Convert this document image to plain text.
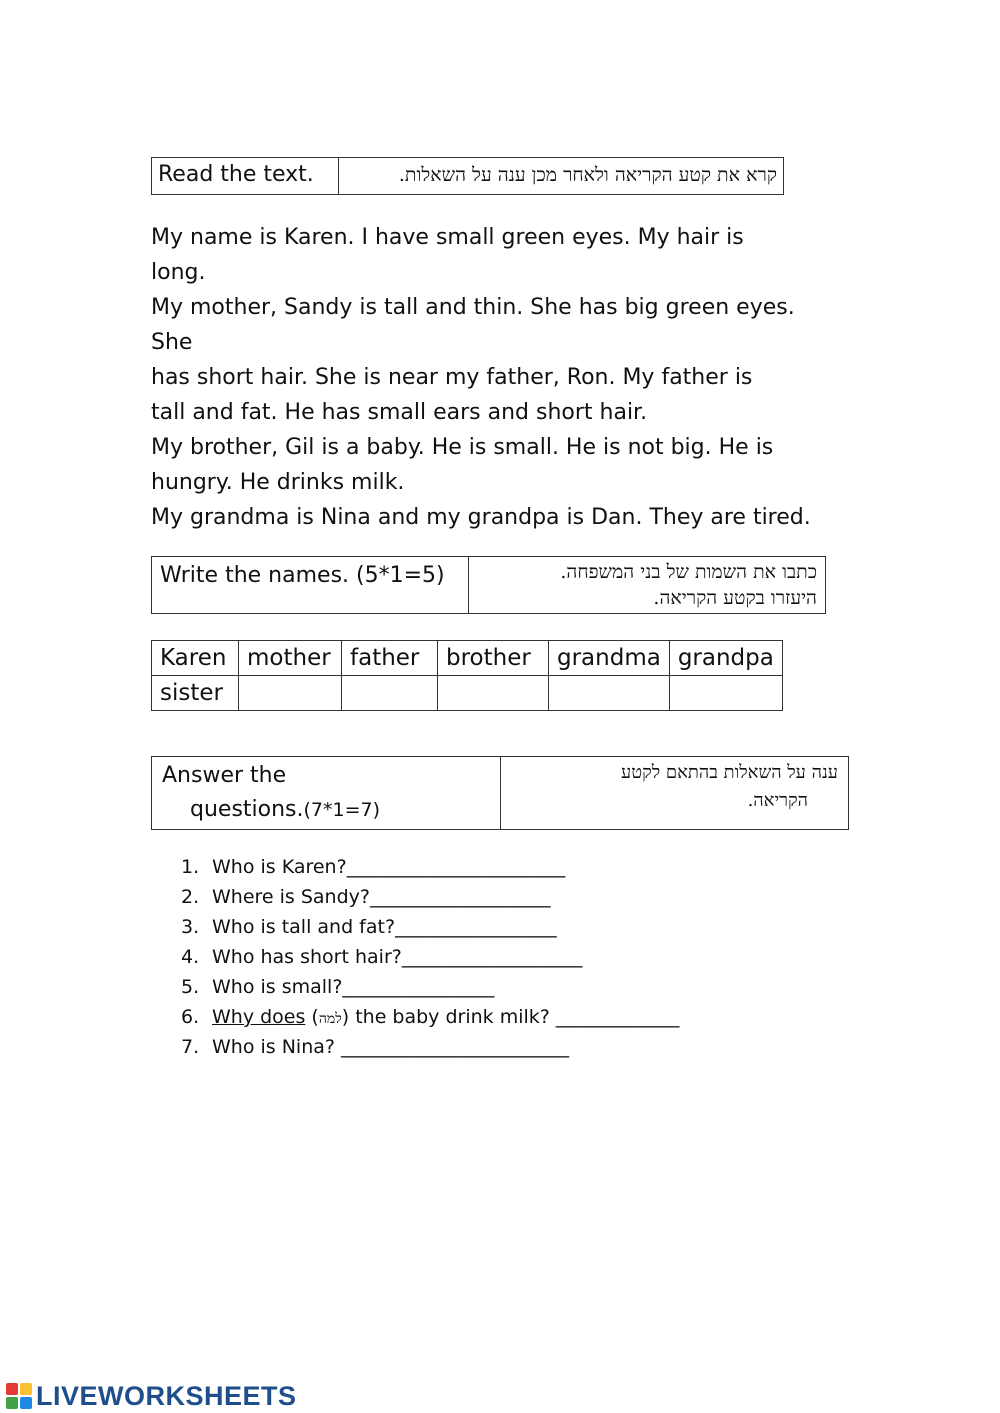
Read the text.	קרא את קטע הקריאה ולאחר מכן ענה על השאלות.

My name is Karen. I have small green eyes. My hair is

long.

My mother, Sandy is tall and thin. She has big green eyes.

She

has short hair. She is near my father, Ron. My father is

tall and fat. He has small ears and short hair.

My brother, Gil is a baby. He is small. He is not big. He is

hungry. He drinks milk.

My grandma is Nina and my grandpa is Dan. They are tired.

Write the names. (5*1=5)	כתבו את השמות של בני המשפחה.
היעזרו בקטע הקריאה.
Karen	mother	father	brother	grandma	grandpa
sister					
Answer the
questions.(7*1=7)

ענה על השאלות בהתאם לקטע
הקריאה.
1. Who is Karen?_______________________
2. Where is Sandy?___________________
3. Who is tall and fat?_________________
4. Who has short hair?___________________
5. Who is small?________________
6. Why does (למה) the baby drink milk? _____________
7. Who is Nina? ________________________
LIVEWORKSHEETS
